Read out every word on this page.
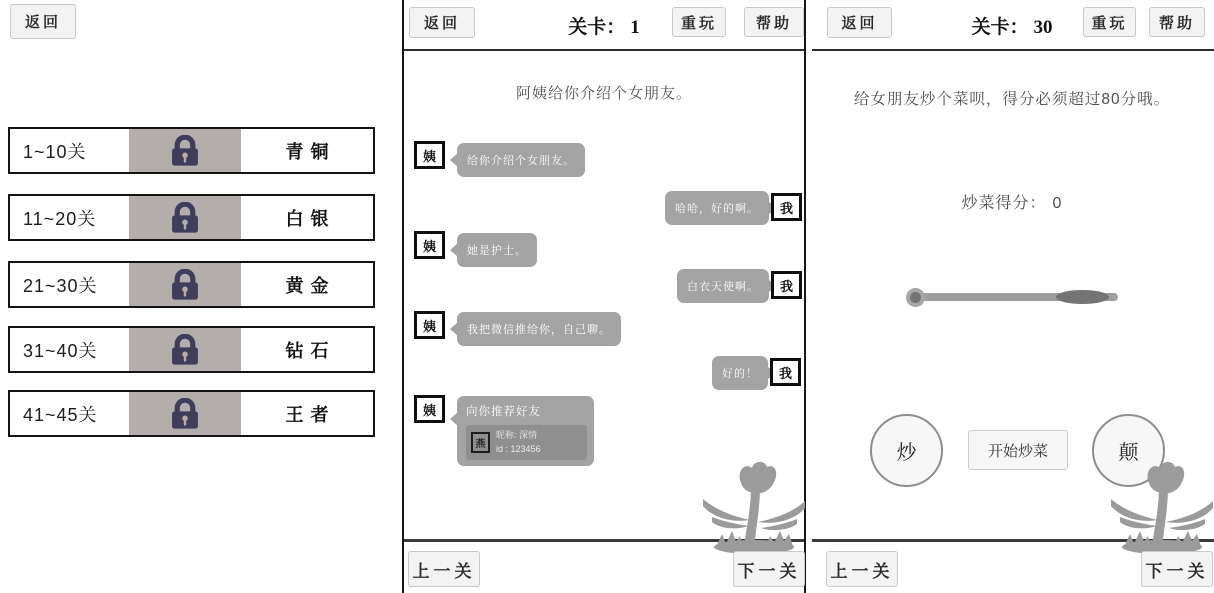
返回
1~10关	青铜
11~20关	白银
21~30关	黄金
31~40关	钻石
41~45关	王者
返回	关卡： 1	重玩	帮助
阿姨给你介绍个女朋友。
姨	给你介绍个女朋友。
哈哈，好的啊。	我
姨	她是护士。
白衣天使啊。	我
姨	我把微信推给你，自己聊。
好的！	我
姨	向你推荐好友
燕
昵称: 深情
id : 123456
上一关	下一关
返回	关卡： 30	重玩	帮助
给女朋友炒个菜呗，得分必须超过80分哦。
炒菜得分： 0
炒	开始炒菜	颠
上一关	下一关
